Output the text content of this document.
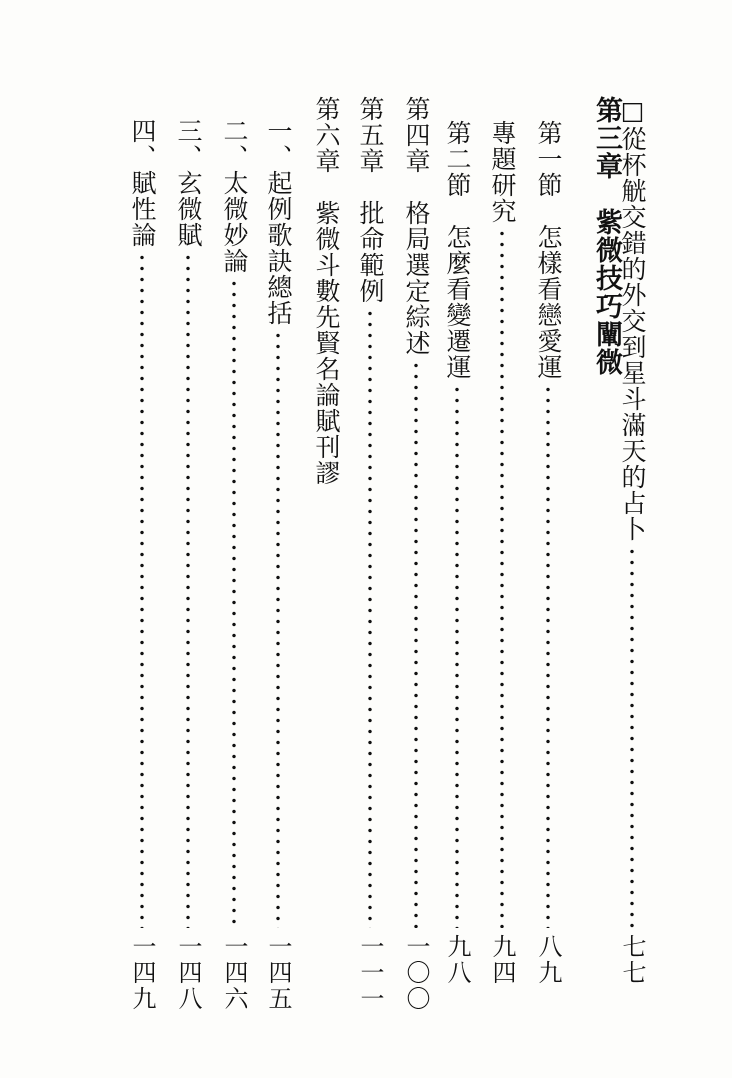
□從杯觥交錯的外交到星斗滿天的占卜
七七
第三章　紫微技巧闡微
第一節　怎樣看戀愛運
八九
專題研究
九四
第二節　怎麼看變遷運
九八
第四章　格局選定綜述
一〇〇
第五章　批命範例
一一一
第六章　紫微斗數先賢名論賦刊謬
一、起例歌訣總括
一四五
二、太微妙論
一四六
三、玄微賦
一四八
四、賦性論
一四九
